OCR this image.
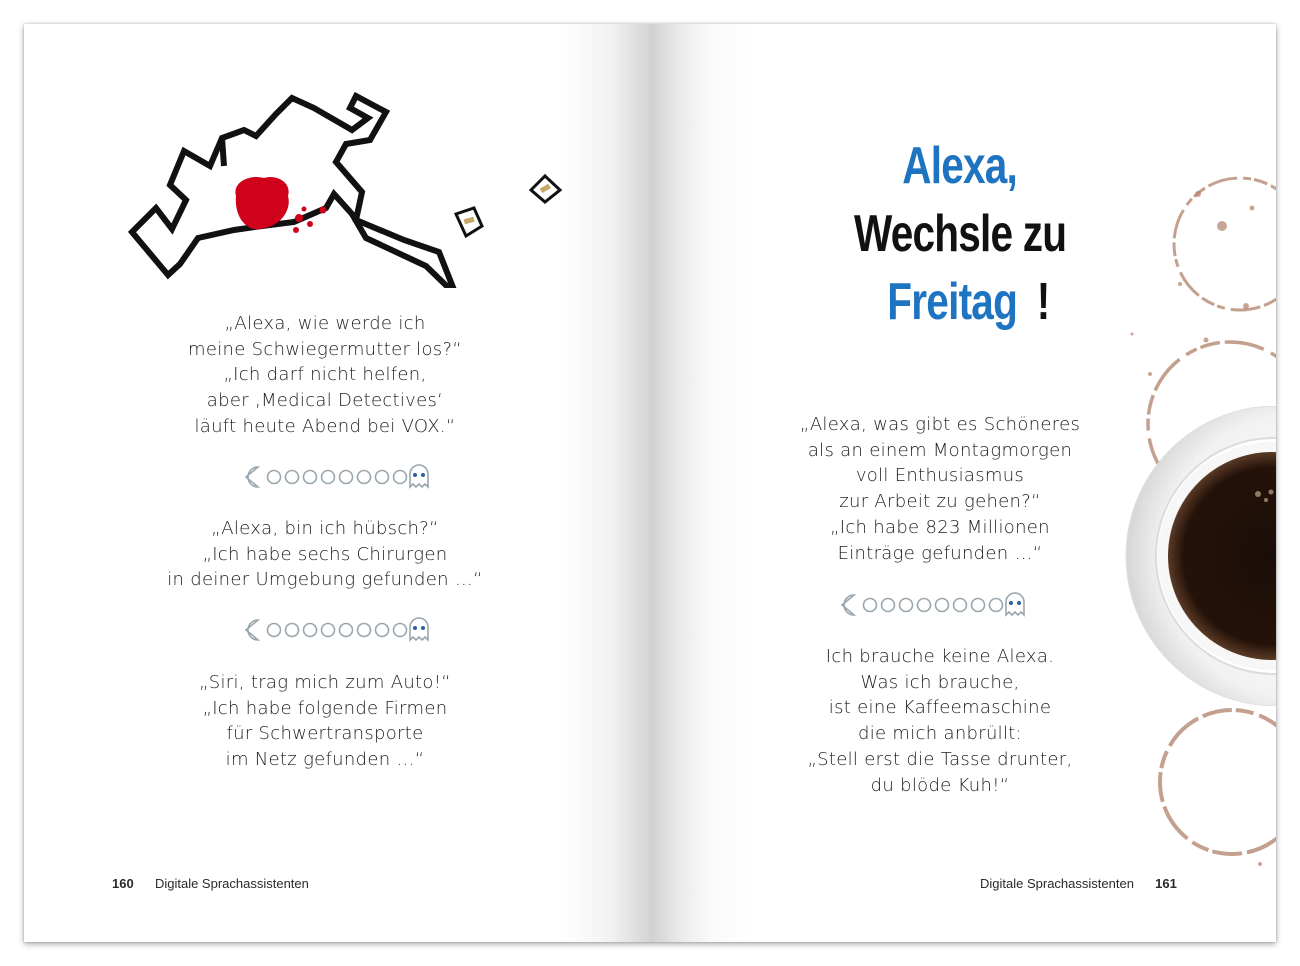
„Alexa, wie werde ich
meine Schwiegermutter los?“
„Ich darf nicht helfen,
aber ‚Medical Detectives‘
läuft heute Abend bei VOX.“
„Alexa, bin ich hübsch?“
„Ich habe sechs Chirurgen
in deiner Umgebung gefunden …“
„Siri, trag mich zum Auto!“
„Ich habe folgende Firmen
für Schwertransporte
im Netz gefunden …“
160 Digitale Sprachassistenten
Alexa,
Wechsle zu
Freitag !
„Alexa, was gibt es Schöneres
als an einem Montagmorgen
voll Enthusiasmus
zur Arbeit zu gehen?“
„Ich habe 823 Millionen
Einträge gefunden …“
Ich brauche keine Alexa.
Was ich brauche,
ist eine Kaffeemaschine
die mich anbrüllt:
„Stell erst die Tasse drunter,
du blöde Kuh!“
Digitale Sprachassistenten 161
